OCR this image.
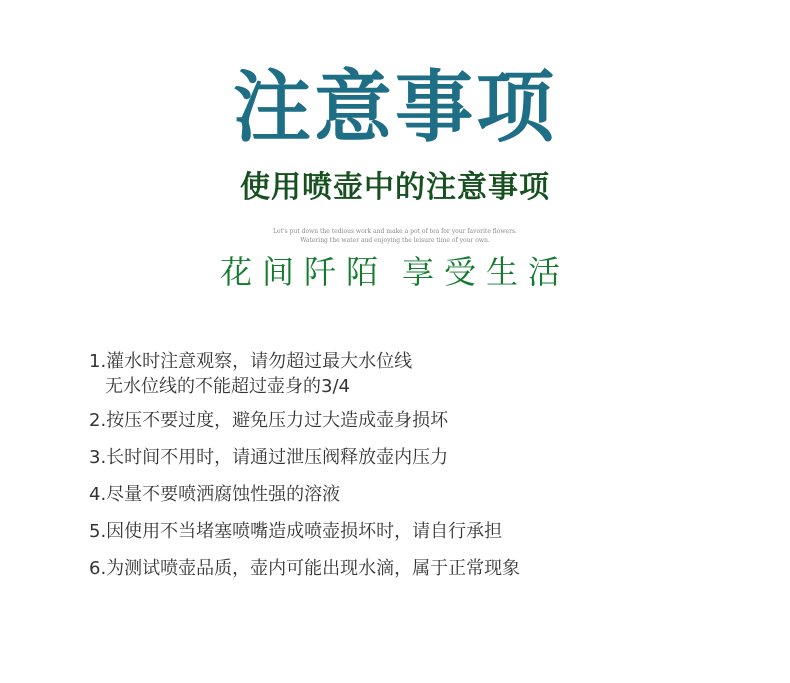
注意事项
使用喷壶中的注意事项

Let's put down the tedious work and make a pot of tea for your favorite flowers.

Watering the water and enjoying the leisure time of your own.

花间阡陌 享受生活

1.灌水时注意观察，请勿超过最大水位线
无水位线的不能超过壶身的3/4
2.按压不要过度，避免压力过大造成壶身损坏
3.长时间不用时，请通过泄压阀释放壶内压力
4.尽量不要喷洒腐蚀性强的溶液
5.因使用不当堵塞喷嘴造成喷壶损坏时，请自行承担
6.为测试喷壶品质，壶内可能出现水滴，属于正常现象
